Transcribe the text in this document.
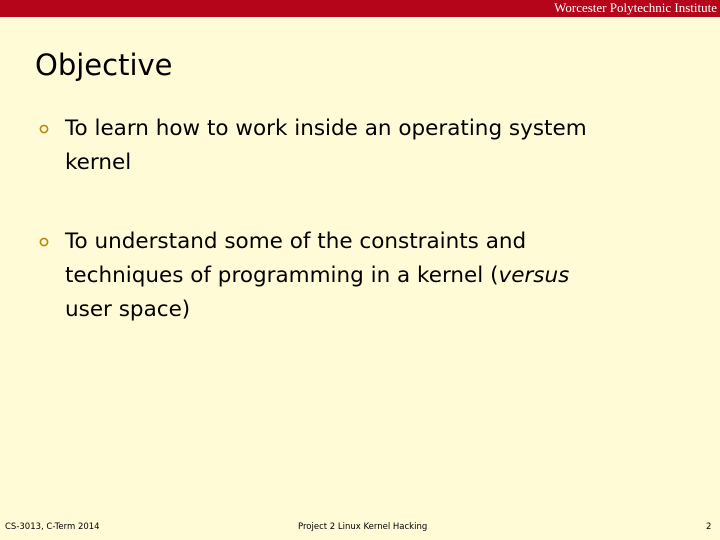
Worcester Polytechnic Institute
Objective
To learn how to work inside an operating system
kernel
To understand some of the constraints and
techniques of programming in a kernel (versus
user space)
CS-3013, C-Term 2014	Project 2 Linux Kernel Hacking	2
